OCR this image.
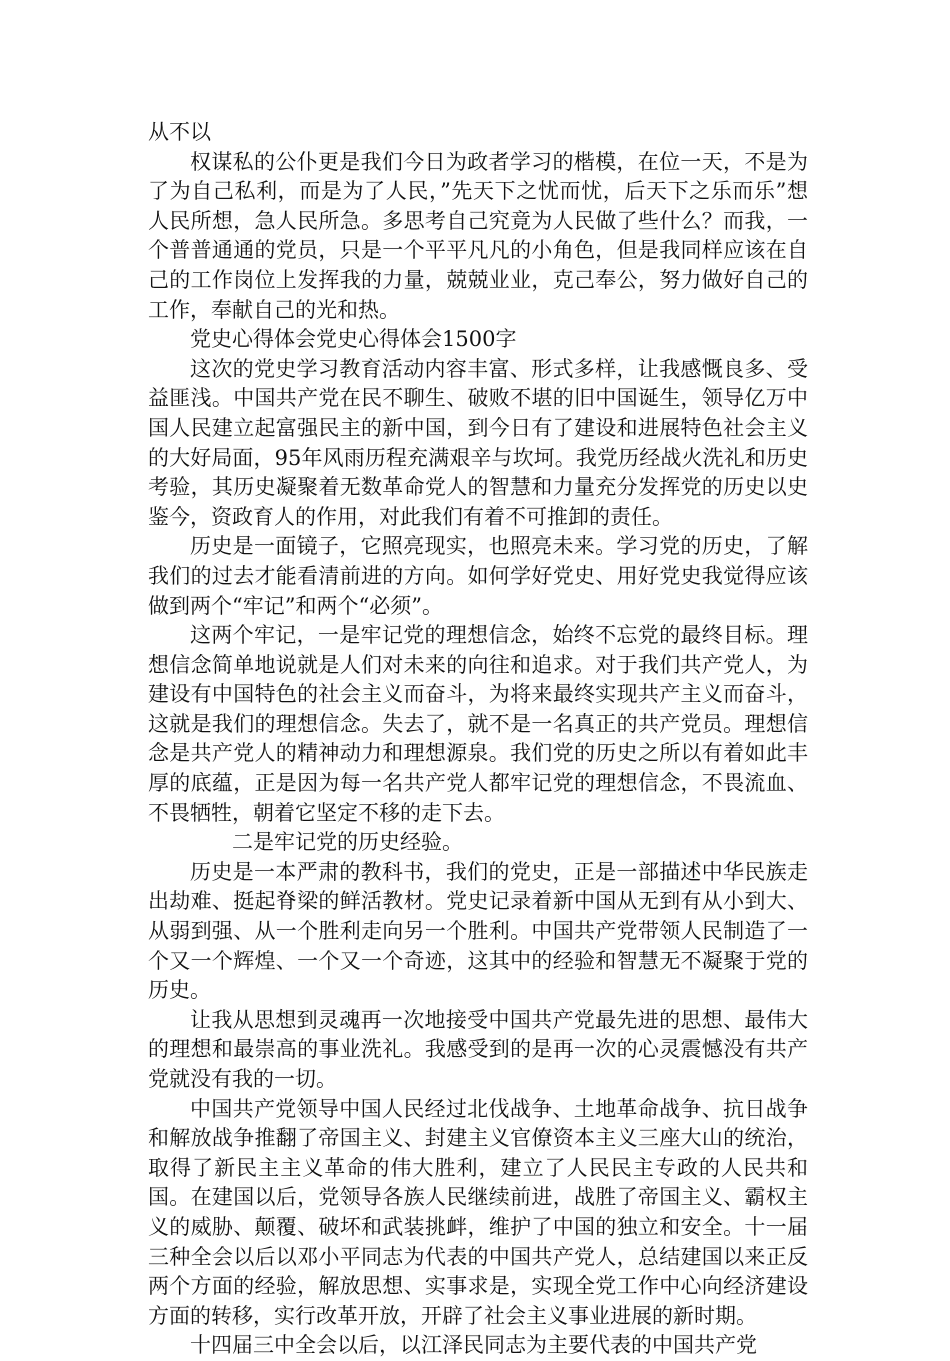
从不以

权谋私的公仆更是我们今日为政者学习的楷模，在位一天，不是为了为自己私利，而是为了人民，”先天下之忧而忧，后天下之乐而乐”想人民所想，急人民所急。多思考自己究竟为人民做了些什么？而我，一个普普通通的党员，只是一个平平凡凡的小角色，但是我同样应该在自己的工作岗位上发挥我的力量，兢兢业业，克己奉公，努力做好自己的工作，奉献自己的光和热。

党史心得体会党史心得体会1500字

这次的党史学习教育活动内容丰富、形式多样，让我感慨良多、受益匪浅。中国共产党在民不聊生、破败不堪的旧中国诞生，领导亿万中国人民建立起富强民主的新中国，到今日有了建设和进展特色社会主义的大好局面，95年风雨历程充满艰辛与坎坷。我党历经战火洗礼和历史考验，其历史凝聚着无数革命党人的智慧和力量充分发挥党的历史以史鉴今，资政育人的作用，对此我们有着不可推卸的责任。

历史是一面镜子，它照亮现实，也照亮未来。学习党的历史，了解我们的过去才能看清前进的方向。如何学好党史、用好党史我觉得应该做到两个“牢记”和两个“必须”。

这两个牢记，一是牢记党的理想信念，始终不忘党的最终目标。理想信念简单地说就是人们对未来的向往和追求。对于我们共产党人，为建设有中国特色的社会主义而奋斗，为将来最终实现共产主义而奋斗，这就是我们的理想信念。失去了，就不是一名真正的共产党员。理想信念是共产党人的精神动力和理想源泉。我们党的历史之所以有着如此丰厚的底蕴，正是因为每一名共产党人都牢记党的理想信念，不畏流血、不畏牺牲，朝着它坚定不移的走下去。

二是牢记党的历史经验。

历史是一本严肃的教科书，我们的党史，正是一部描述中华民族走出劫难、挺起脊梁的鲜活教材。党史记录着新中国从无到有从小到大、从弱到强、从一个胜利走向另一个胜利。中国共产党带领人民制造了一个又一个辉煌、一个又一个奇迹，这其中的经验和智慧无不凝聚于党的历史。

让我从思想到灵魂再一次地接受中国共产党最先进的思想、最伟大的理想和最崇高的事业洗礼。我感受到的是再一次的心灵震憾没有共产党就没有我的一切。

中国共产党领导中国人民经过北伐战争、土地革命战争、抗日战争和解放战争推翻了帝国主义、封建主义官僚资本主义三座大山的统治，取得了新民主主义革命的伟大胜利，建立了人民民主专政的人民共和国。在建国以后，党领导各族人民继续前进，战胜了帝国主义、霸权主义的威胁、颠覆、破坏和武装挑衅，维护了中国的独立和安全。十一届三种全会以后以邓小平同志为代表的中国共产党人，总结建国以来正反两个方面的经验，解放思想、实事求是，实现全党工作中心向经济建设方面的转移，实行改革开放，开辟了社会主义事业进展的新时期。

十四届三中全会以后，以江泽民同志为主要代表的中国共产党
